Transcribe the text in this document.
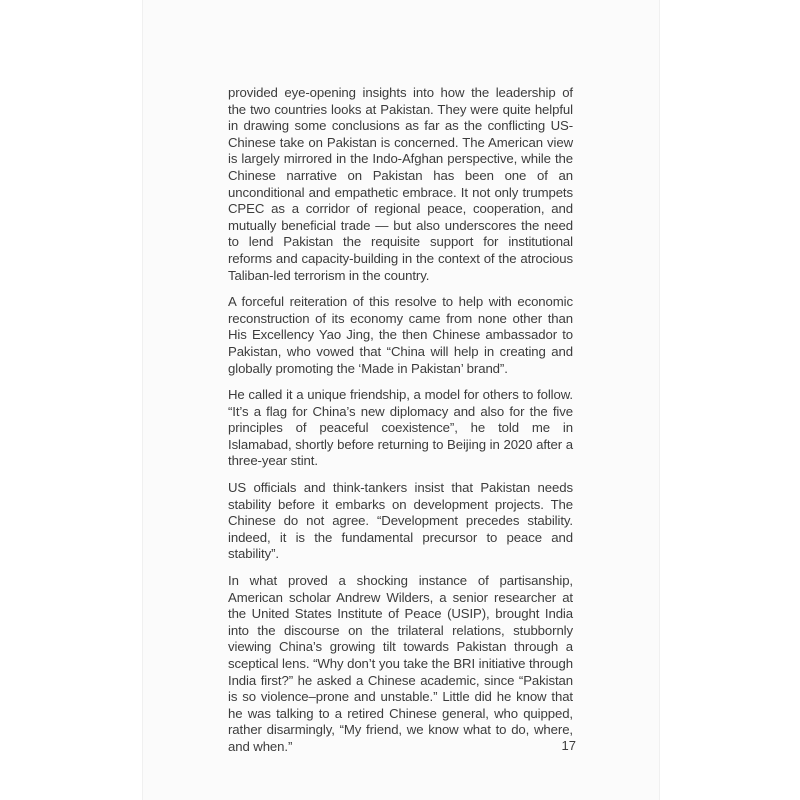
provided eye-opening insights into how the leadership of the two countries looks at Pakistan. They were quite helpful in drawing some conclusions as far as the conflicting US-Chinese take on Pakistan is concerned. The American view is largely mirrored in the Indo-Afghan perspective, while the Chinese narrative on Pakistan has been one of an unconditional and empathetic embrace. It not only trumpets CPEC as a corridor of regional peace, cooperation, and mutually beneficial trade — but also underscores the need to lend Pakistan the requisite support for institutional reforms and capacity-building in the context of the atrocious Taliban-led terrorism in the country.

A forceful reiteration of this resolve to help with economic reconstruction of its economy came from none other than His Excellency Yao Jing, the then Chinese ambassador to Pakistan, who vowed that “China will help in creating and globally promoting the ‘Made in Pakistan’ brand”.

He called it a unique friendship, a model for others to follow. “It’s a flag for China’s new diplomacy and also for the five principles of peaceful coexistence”, he told me in Islamabad, shortly before returning to Beijing in 2020 after a three-year stint.

US officials and think-tankers insist that Pakistan needs stability before it embarks on development projects. The Chinese do not agree. “Development precedes stability. indeed, it is the fundamental precursor to peace and stability”.

In what proved a shocking instance of partisanship, American scholar Andrew Wilders, a senior researcher at the United States Institute of Peace (USIP), brought India into the discourse on the trilateral relations, stubbornly viewing China’s growing tilt towards Pakistan through a sceptical lens. “Why don’t you take the BRI initiative through India first?” he asked a Chinese academic, since “Pakistan is so violence–prone and unstable.” Little did he know that he was talking to a retired Chinese general, who quipped, rather disarmingly, “My friend, we know what to do, where, and when.”	17
